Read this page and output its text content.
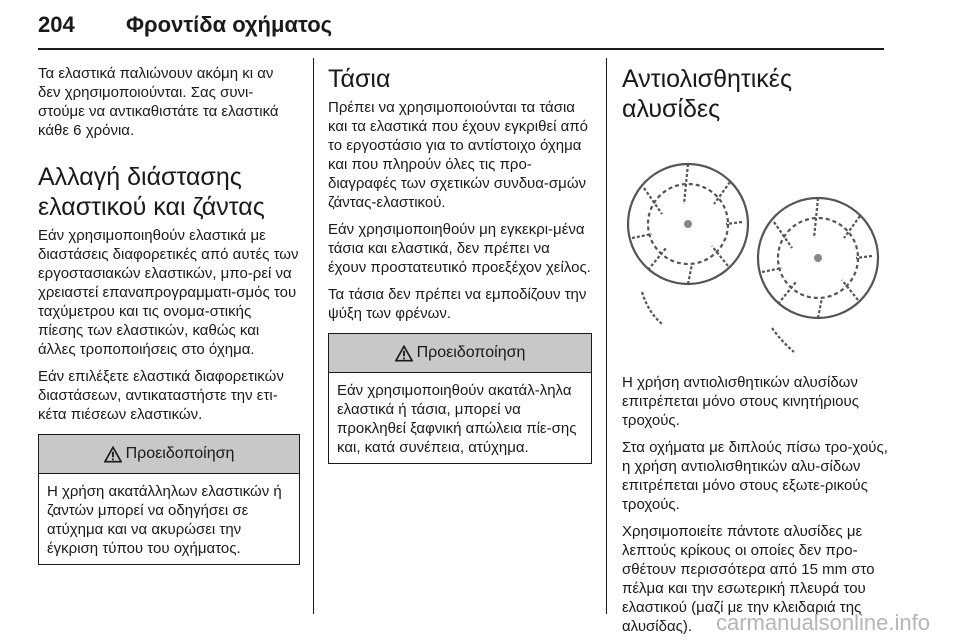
204 Φροντίδα οχήματος

Τα ελαστικά παλιώνουν ακόμη κι αν δεν χρησιμοποιούνται. Σας συνι-στούμε να αντικαθιστάτε τα ελαστικά κάθε 6 χρόνια.

Αλλαγή διάστασης ελαστικού και ζάντας

Εάν χρησιμοποιηθούν ελαστικά με διαστάσεις διαφορετικές από αυτές των εργοστασιακών ελαστικών, μπο-ρεί να χρειαστεί επαναπρογραμματι-σμός του ταχύμετρου και τις ονομα-στικής πίεσης των ελαστικών, καθώς και άλλες τροποποιήσεις στο όχημα.

Εάν επιλέξετε ελαστικά διαφορετικών διαστάσεων, αντικαταστήστε την ετι-κέτα πιέσεων ελαστικών.

Προειδοποίηση
Η χρήση ακατάλληλων ελαστικών ή ζαντών μπορεί να οδηγήσει σε ατύχημα και να ακυρώσει την έγκριση τύπου του οχήματος.
Τάσια

Πρέπει να χρησιμοποιούνται τα τάσια και τα ελαστικά που έχουν εγκριθεί από το εργοστάσιο για το αντίστοιχο όχημα και που πληρούν όλες τις προ-διαγραφές των σχετικών συνδυα-σμών ζάντας-ελαστικού.

Εάν χρησιμοποιηθούν μη εγκεκρι-μένα τάσια και ελαστικά, δεν πρέπει να έχουν προστατευτικό προεξέχον χείλος.

Τα τάσια δεν πρέπει να εμποδίζουν την ψύξη των φρένων.

Προειδοποίηση
Εάν χρησιμοποιηθούν ακατάλ-ληλα ελαστικά ή τάσια, μπορεί να προκληθεί ξαφνική απώλεια πίε-σης και, κατά συνέπεια, ατύχημα.
Αντιολισθητικές αλυσίδες

Η χρήση αντιολισθητικών αλυσίδων επιτρέπεται μόνο στους κινητήριους τροχούς.

Στα οχήματα με διπλούς πίσω τρο-χούς, η χρήση αντιολισθητικών αλυ-σίδων επιτρέπεται μόνο στους εξωτε-ρικούς τροχούς.

Χρησιμοποιείτε πάντοτε αλυσίδες με λεπτούς κρίκους οι οποίες δεν προ-σθέτουν περισσότερα από 15 mm στο πέλμα και την εσωτερική πλευρά του ελαστικού (μαζί με την κλειδαριά της αλυσίδας).	carmanualsonline.info
